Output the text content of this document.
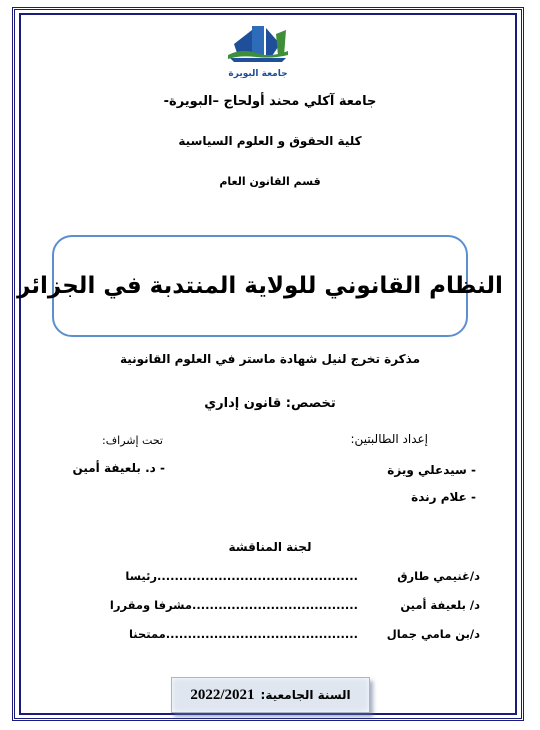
جامعة البويرة
جامعة آكلي محند أولحاج –البويرة-
كلية الحقوق و العلوم السياسية
قسم القانون العام
النظام القانوني للولاية المنتدبة في الجزائر
مذكرة تخرج لنيل شهادة ماستر في العلوم القانونية
تخصص: قانون إداري
إعداد الطالبتين:
- سيدعلي ويزة
- علام رندة
تحت إشراف:
- د. بلعيفة أمين
لجنة المناقشة
د/غنيمي طارق
..............................................رئيسا
د/ بلعيفة أمين
......................................مشرفا ومقررا
د/بن مامي جمال
............................................ممتحنا
السنة الجامعية:
2022/2021
